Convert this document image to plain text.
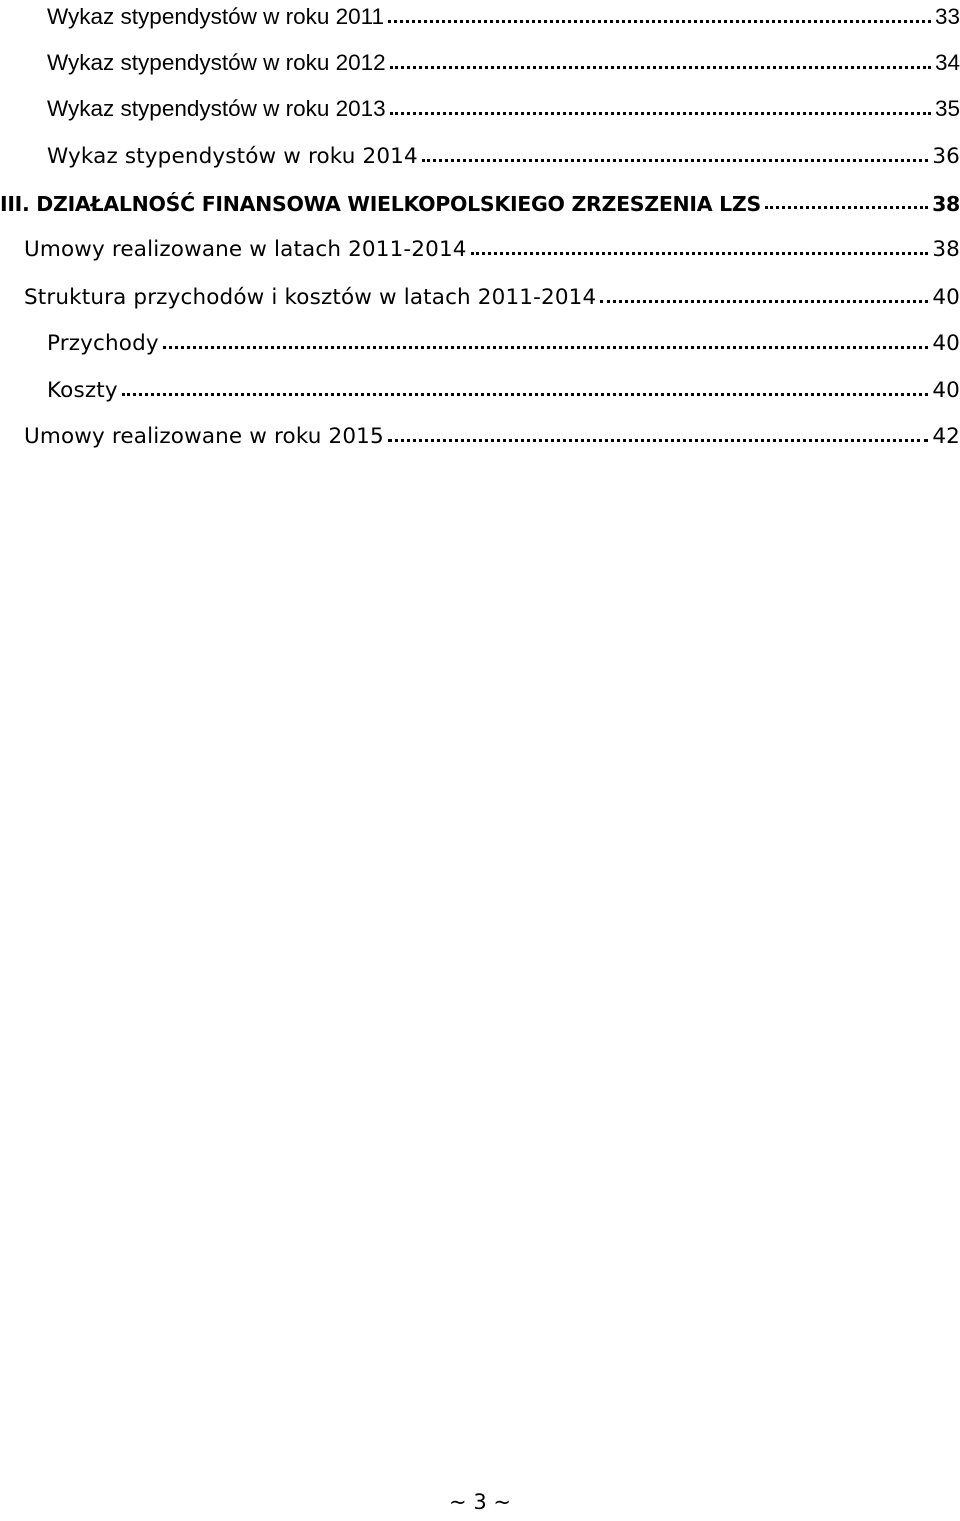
Wykaz stypendystów w roku 2011	33
Wykaz stypendystów w roku 2012	34
Wykaz stypendystów w roku 2013	35
Wykaz stypendystów w roku 2014	36
III. DZIAŁALNOŚĆ FINANSOWA WIELKOPOLSKIEGO ZRZESZENIA LZS	38
Umowy realizowane w latach 2011-2014	38
Struktura przychodów i kosztów w latach 2011-2014	40
Przychody	40
Koszty	40
Umowy realizowane w roku 2015	42
~ 3 ~
